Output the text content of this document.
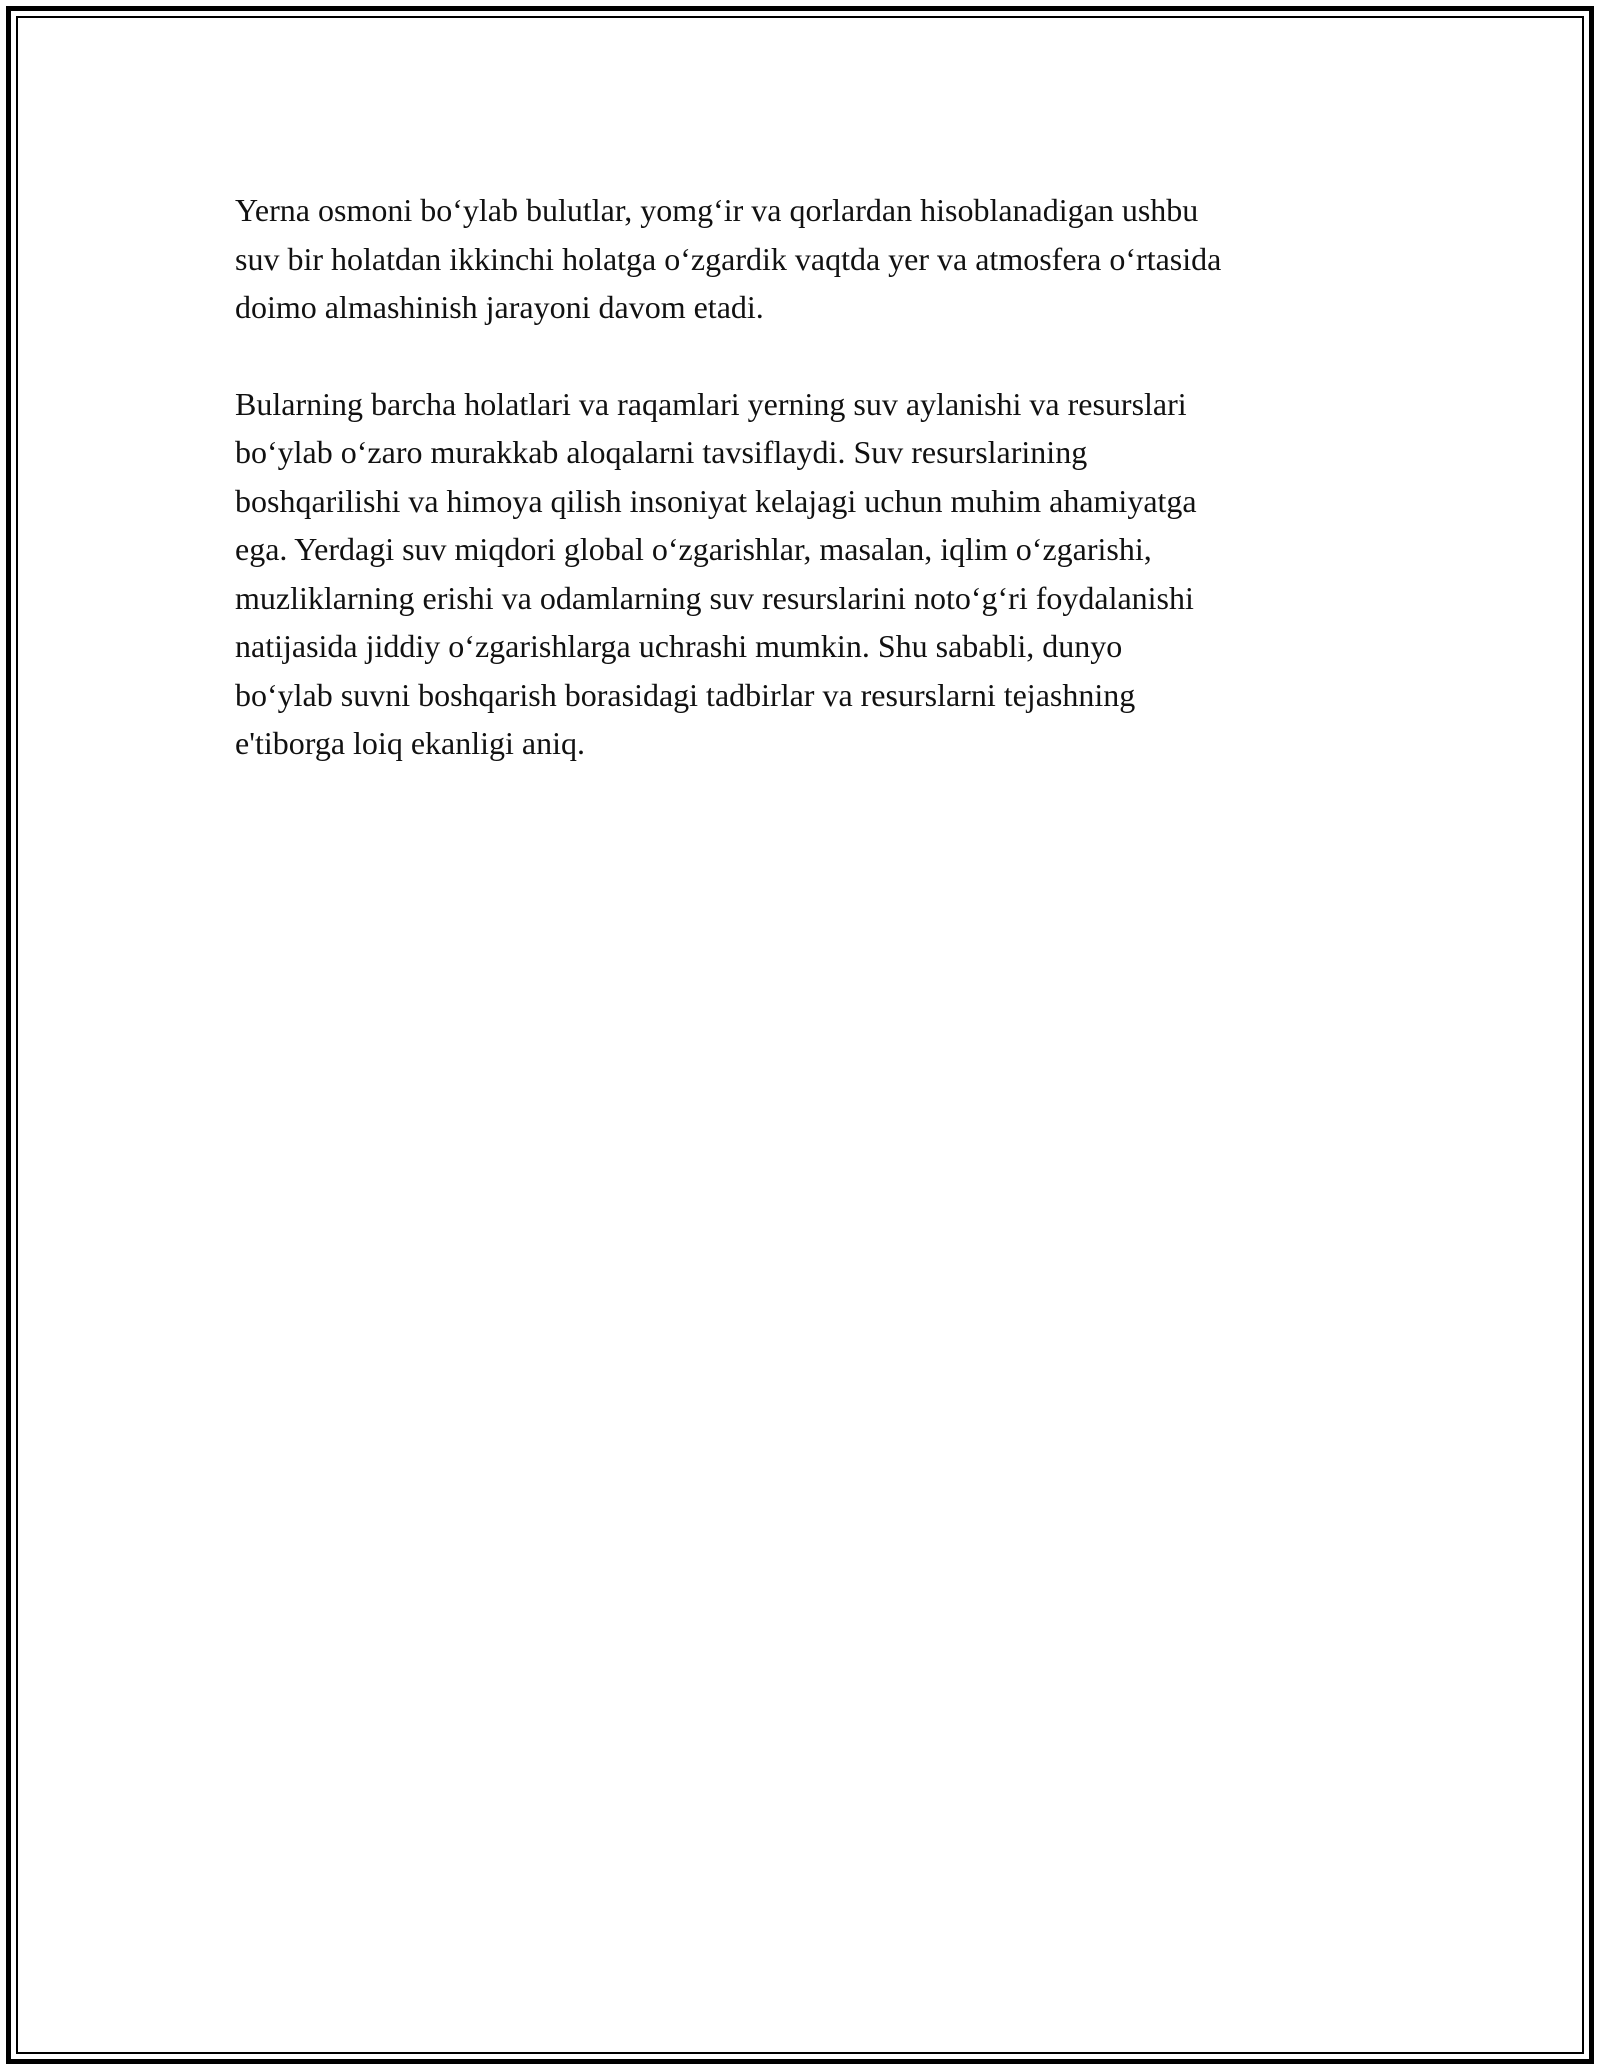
Yerna osmoni bo‘ylab bulutlar, yomg‘ir va qorlardan hisoblanadigan ushbu
suv bir holatdan ikkinchi holatga o‘zgardik vaqtda yer va atmosfera o‘rtasida
doimo almashinish jarayoni davom etadi.

Bularning barcha holatlari va raqamlari yerning suv aylanishi va resurslari
bo‘ylab o‘zaro murakkab aloqalarni tavsiflaydi. Suv resurslarining
boshqarilishi va himoya qilish insoniyat kelajagi uchun muhim ahamiyatga
ega. Yerdagi suv miqdori global o‘zgarishlar, masalan, iqlim o‘zgarishi,
muzliklarning erishi va odamlarning suv resurslarini noto‘g‘ri foydalanishi
natijasida jiddiy o‘zgarishlarga uchrashi mumkin. Shu sababli, dunyo
bo‘ylab suvni boshqarish borasidagi tadbirlar va resurslarni tejashning
e'tiborga loiq ekanligi aniq.
